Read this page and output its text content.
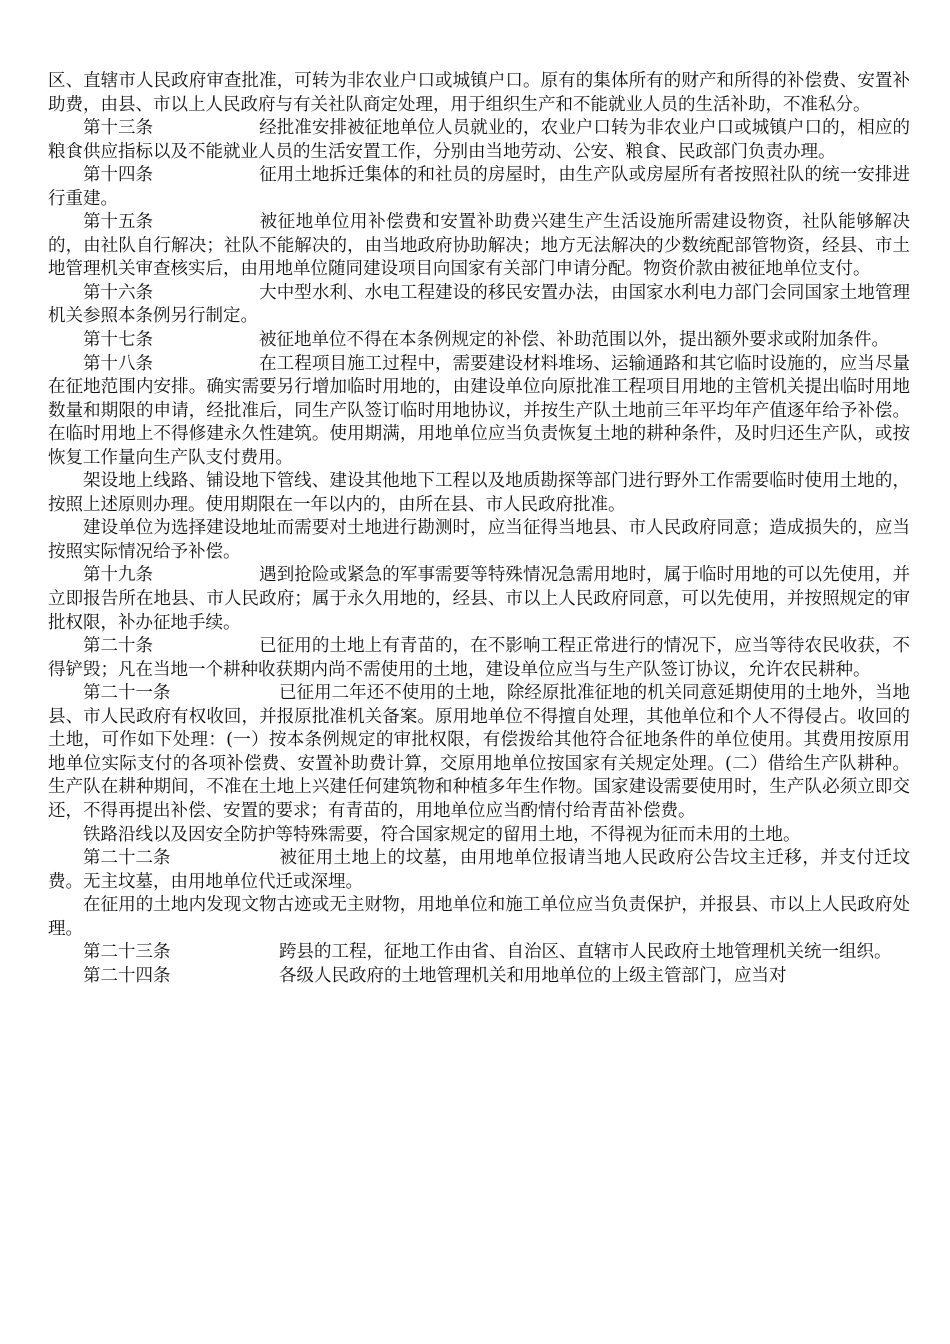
区、直辖市人民政府审查批准，可转为非农业户口或城镇户口。原有的集体所有的财产和所得的补偿费、安置补助费，由县、市以上人民政府与有关社队商定处理，用于组织生产和不能就业人员的生活补助，不准私分。

第十三条	经批准安排被征地单位人员就业的，农业户口转为非农业户口或城镇户口的，相应的粮食供应指标以及不能就业人员的生活安置工作，分别由当地劳动、公安、粮食、民政部门负责办理。

第十四条	征用土地拆迁集体的和社员的房屋时，由生产队或房屋所有者按照社队的统一安排进行重建。

第十五条	被征地单位用补偿费和安置补助费兴建生产生活设施所需建设物资，社队能够解决的，由社队自行解决；社队不能解决的，由当地政府协助解决；地方无法解决的少数统配部管物资，经县、市土地管理机关审查核实后，由用地单位随同建设项目向国家有关部门申请分配。物资价款由被征地单位支付。

第十六条	大中型水利、水电工程建设的移民安置办法，由国家水利电力部门会同国家土地管理机关参照本条例另行制定。

第十七条	被征地单位不得在本条例规定的补偿、补助范围以外，提出额外要求或附加条件。

第十八条	在工程项目施工过程中，需要建设材料堆场、运输通路和其它临时设施的，应当尽量在征地范围内安排。确实需要另行增加临时用地的，由建设单位向原批准工程项目用地的主管机关提出临时用地数量和期限的申请，经批准后，同生产队签订临时用地协议，并按生产队土地前三年平均年产值逐年给予补偿。在临时用地上不得修建永久性建筑。使用期满，用地单位应当负责恢复土地的耕种条件，及时归还生产队，或按恢复工作量向生产队支付费用。

架设地上线路、铺设地下管线、建设其他地下工程以及地质勘探等部门进行野外工作需要临时使用土地的，按照上述原则办理。使用期限在一年以内的，由所在县、市人民政府批准。

建设单位为选择建设地址而需要对土地进行勘测时，应当征得当地县、市人民政府同意；造成损失的，应当按照实际情况给予补偿。

第十九条	遇到抢险或紧急的军事需要等特殊情况急需用地时，属于临时用地的可以先使用，并立即报告所在地县、市人民政府；属于永久用地的，经县、市以上人民政府同意，可以先使用，并按照规定的审批权限，补办征地手续。

第二十条	已征用的土地上有青苗的，在不影响工程正常进行的情况下，应当等待农民收获，不得铲毁；凡在当地一个耕种收获期内尚不需使用的土地，建设单位应当与生产队签订协议，允许农民耕种。

第二十一条	已征用二年还不使用的土地，除经原批准征地的机关同意延期使用的土地外，当地县、市人民政府有权收回，并报原批准机关备案。原用地单位不得擅自处理，其他单位和个人不得侵占。收回的土地，可作如下处理：(一）按本条例规定的审批权限，有偿拨给其他符合征地条件的单位使用。其费用按原用地单位实际支付的各项补偿费、安置补助费计算，交原用地单位按国家有关规定处理。(二）借给生产队耕种。生产队在耕种期间，不准在土地上兴建任何建筑物和种植多年生作物。国家建设需要使用时，生产队必须立即交还，不得再提出补偿、安置的要求；有青苗的，用地单位应当酌情付给青苗补偿费。

铁路沿线以及因安全防护等特殊需要，符合国家规定的留用土地，不得视为征而未用的土地。

第二十二条	被征用土地上的坟墓，由用地单位报请当地人民政府公告坟主迁移，并支付迁坟费。无主坟墓，由用地单位代迁或深埋。

在征用的土地内发现文物古迹或无主财物，用地单位和施工单位应当负责保护，并报县、市以上人民政府处理。

第二十三条	跨县的工程，征地工作由省、自治区、直辖市人民政府土地管理机关统一组织。

第二十四条	各级人民政府的土地管理机关和用地单位的上级主管部门，应当对
